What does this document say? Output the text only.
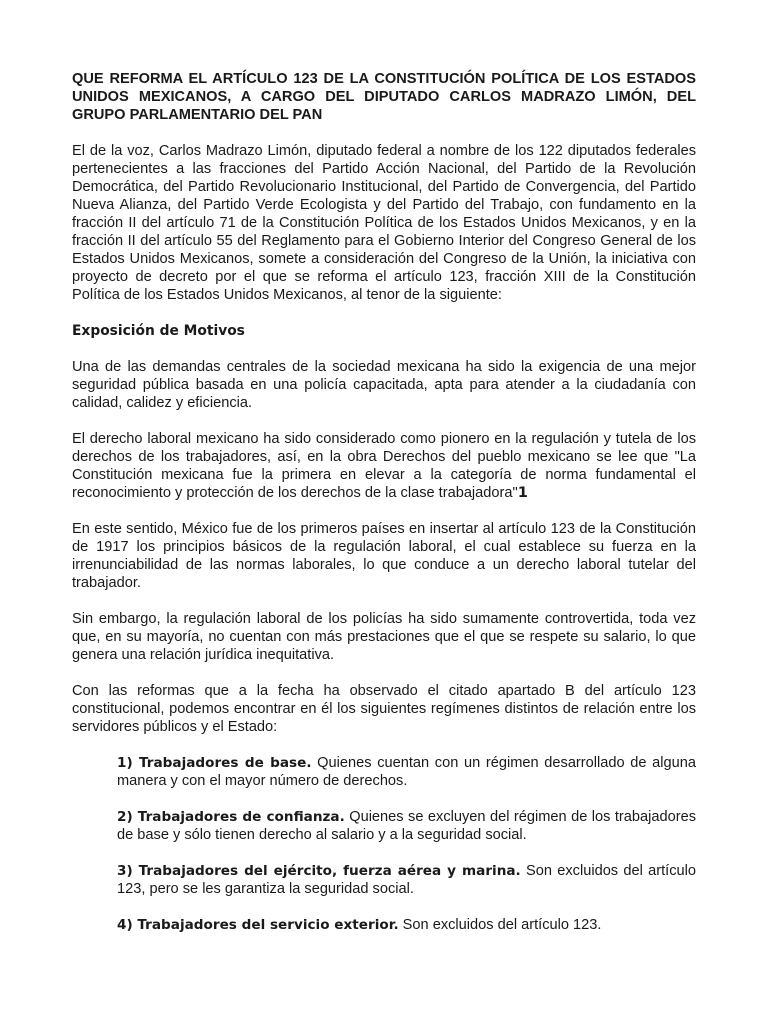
QUE REFORMA EL ARTÍCULO 123 DE LA CONSTITUCIÓN POLÍTICA DE LOS ESTADOS UNIDOS MEXICANOS, A CARGO DEL DIPUTADO CARLOS MADRAZO LIMÓN, DEL GRUPO PARLAMENTARIO DEL PAN

El de la voz, Carlos Madrazo Limón, diputado federal a nombre de los 122 diputados federales pertenecientes a las fracciones del Partido Acción Nacional, del Partido de la Revolución Democrática, del Partido Revolucionario Institucional, del Partido de Convergencia, del Partido Nueva Alianza, del Partido Verde Ecologista y del Partido del Trabajo, con fundamento en la fracción II del artículo 71 de la Constitución Política de los Estados Unidos Mexicanos, y en la fracción II del artículo 55 del Reglamento para el Gobierno Interior del Congreso General de los Estados Unidos Mexicanos, somete a consideración del Congreso de la Unión, la iniciativa con proyecto de decreto por el que se reforma el artículo 123, fracción XIII de la Constitución Política de los Estados Unidos Mexicanos, al tenor de la siguiente:

Exposición de Motivos

Una de las demandas centrales de la sociedad mexicana ha sido la exigencia de una mejor seguridad pública basada en una policía capacitada, apta para atender a la ciudadanía con calidad, calidez y eficiencia.

El derecho laboral mexicano ha sido considerado como pionero en la regulación y tutela de los derechos de los trabajadores, así, en la obra Derechos del pueblo mexicano se lee que "La Constitución mexicana fue la primera en elevar a la categoría de norma fundamental el reconocimiento y protección de los derechos de la clase trabajadora"1

En este sentido, México fue de los primeros países en insertar al artículo 123 de la Constitución de 1917 los principios básicos de la regulación laboral, el cual establece su fuerza en la irrenunciabilidad de las normas laborales, lo que conduce a un derecho laboral tutelar del trabajador.

Sin embargo, la regulación laboral de los policías ha sido sumamente controvertida, toda vez que, en su mayoría, no cuentan con más prestaciones que el que se respete su salario, lo que genera una relación jurídica inequitativa.

Con las reformas que a la fecha ha observado el citado apartado B del artículo 123 constitucional, podemos encontrar en él los siguientes regímenes distintos de relación entre los servidores públicos y el Estado:

1) Trabajadores de base. Quienes cuentan con un régimen desarrollado de alguna manera y con el mayor número de derechos.
2) Trabajadores de confianza. Quienes se excluyen del régimen de los trabajadores de base y sólo tienen derecho al salario y a la seguridad social.
3) Trabajadores del ejército, fuerza aérea y marina. Son excluidos del artículo 123, pero se les garantiza la seguridad social.
4) Trabajadores del servicio exterior. Son excluidos del artículo 123.
